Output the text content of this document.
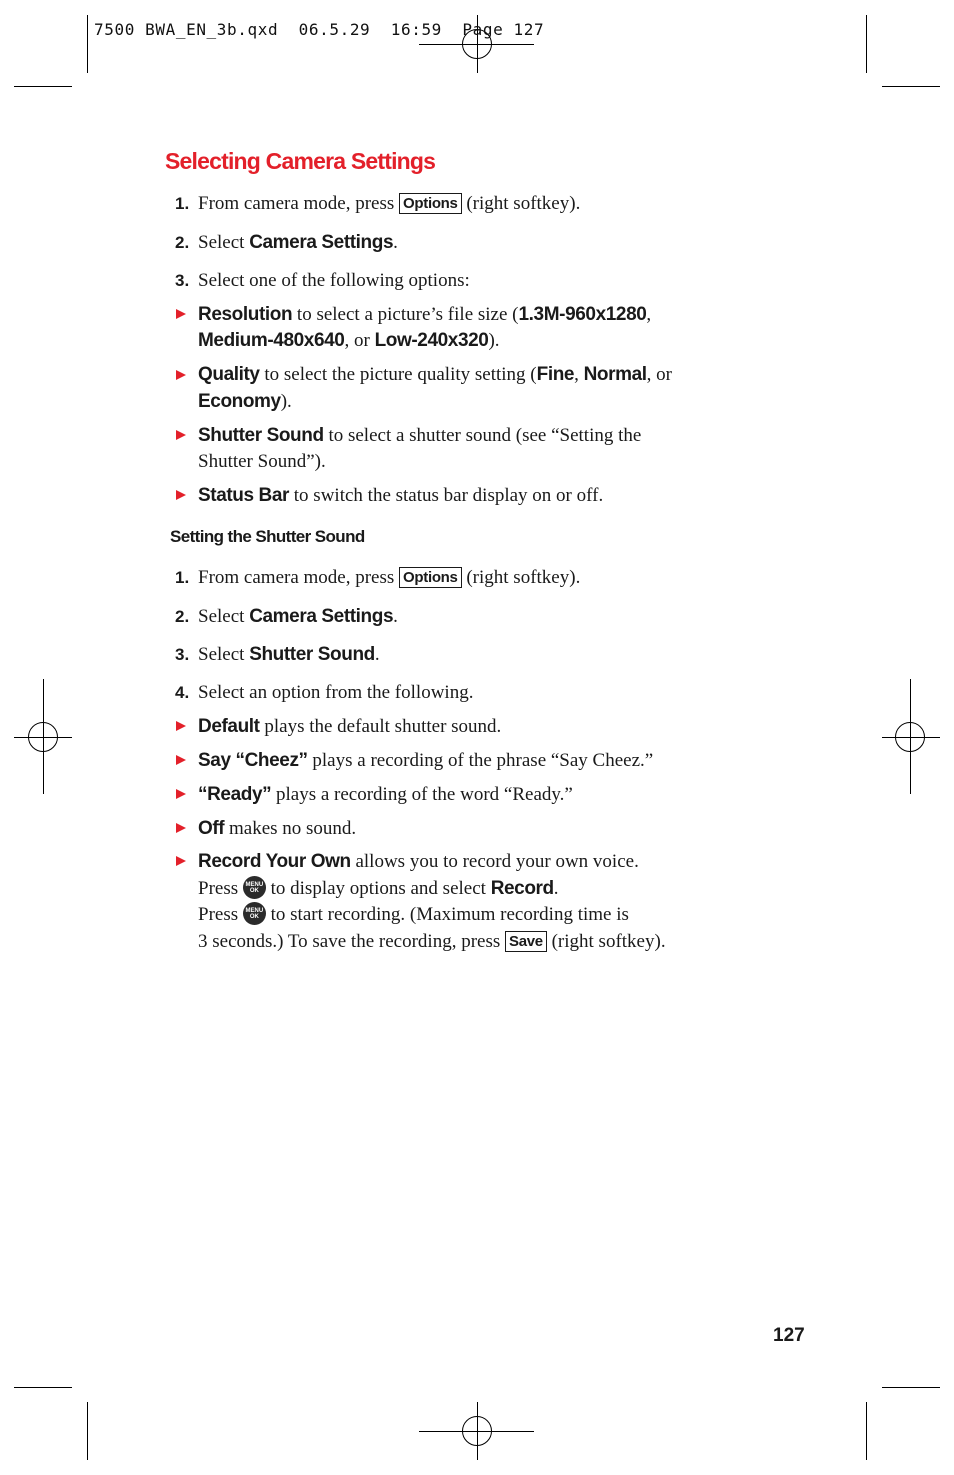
7500 BWA_EN_3b.qxd  06.5.29  16:59  Page 127
Selecting Camera Settings
1. From camera mode, press Options (right softkey).
2. Select Camera Settings.
3. Select one of the following options:
Resolution to select a picture’s file size (1.3M-960x1280,
Medium-480x640, or Low-240x320).
Quality to select the picture quality setting (Fine, Normal, or
Economy).
Shutter Sound to select a shutter sound (see “Setting the
Shutter Sound”).
Status Bar to switch the status bar display on or off.
Setting the Shutter Sound
1. From camera mode, press Options (right softkey).
2. Select Camera Settings.
3. Select Shutter Sound.
4. Select an option from the following.
Default plays the default shutter sound.
Say “Cheez” plays a recording of the phrase “Say Cheez.”
“Ready” plays a recording of the word “Ready.”
Off makes no sound.
Record Your Own allows you to record your own voice.
Press	MENU
OK to display options and select Record.
Press	MENU
OK to start recording. (Maximum recording time is
3 seconds.) To save the recording, press Save (right softkey).
127
